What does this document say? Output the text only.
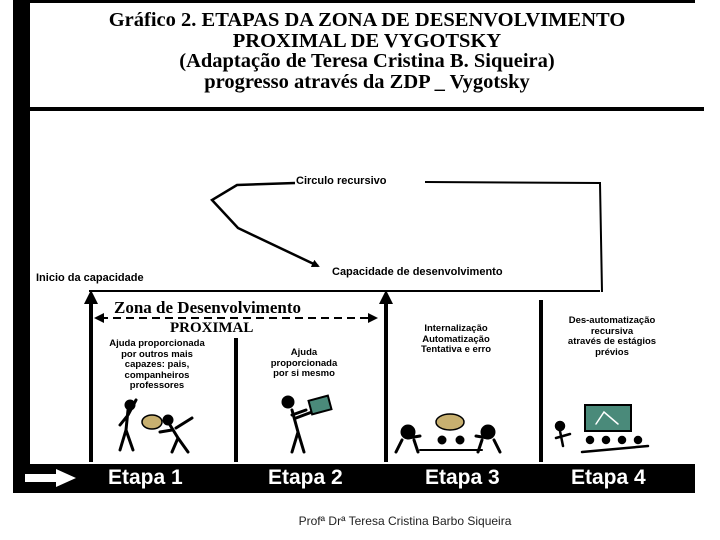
Gráfico 2. ETAPAS DA ZONA DE DESENVOLVIMENTO
PROXIMAL DE VYGOTSKY
(Adaptação de Teresa Cristina B. Siqueira)
progresso através da ZDP _ Vygotsky
Circulo recursivo
Inicio da capacidade	Capacidade de desenvolvimento
Zona de Desenvolvimento
PROXIMAL
Ajuda proporcionada
por outros mais
capazes: pais,
companheiros
professores
Ajuda
proporcionada
por si mesmo
Internalização
Automatização
Tentativa e erro
Des-automatização
recursiva
através de estágios
prévios
Etapa 1	Etapa 2	Etapa 3	Etapa 4
Profª Drª Teresa Cristina Barbo Siqueira
